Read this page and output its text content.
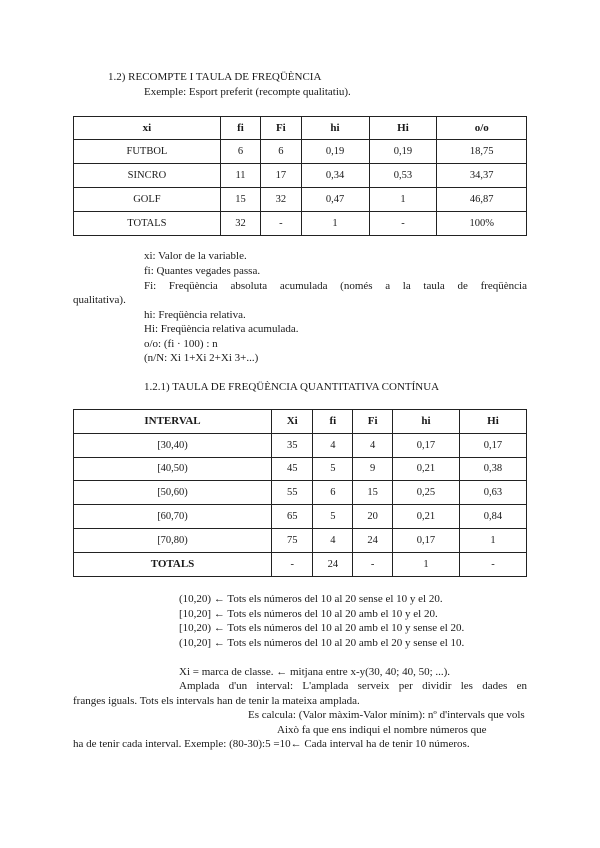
1.2) RECOMPTE I TAULA DE FREQÜÈNCIA
Exemple: Esport preferit (recompte qualitatiu).
xi	fi	Fi	hi	Hi	o/o
FUTBOL	6	6	0,19	0,19	18,75
SINCRO	11	17	0,34	0,53	34,37
GOLF	15	32	0,47	1	46,87
TOTALS	32	-	1	-	100%
xi: Valor de la variable.
fi: Quantes vegades passa.
Fi: Freqüència absoluta acumulada (només a la taula de freqüència
qualitativa).
hi: Freqüència relativa.
Hi: Freqüència relativa acumulada.
o/o: (fi · 100) : n
(n/N: Xi 1+Xi 2+Xi 3+...)
1.2.1) TAULA DE FREQÜÈNCIA QUANTITATIVA CONTÍNUA
INTERVAL	Xi	fi	Fi	hi	Hi
[30,40)	35	4	4	0,17	0,17
[40,50)	45	5	9	0,21	0,38
[50,60)	55	6	15	0,25	0,63
[60,70)	65	5	20	0,21	0,84
[70,80)	75	4	24	0,17	1
TOTALS	-	24	-	1	-
(10,20) ← Tots els números del 10 al 20 sense el 10 y el 20.
[10,20] ← Tots els números del 10 al 20 amb el 10 y el 20.
[10,20) ← Tots els números del 10 al 20 amb el 10 y sense el 20.
(10,20] ← Tots els números del 10 al 20 amb el 20 y sense el 10.
Xi = marca de classe. ← mitjana entre x-y(30, 40; 40, 50; ...).
Amplada d'un interval: L'amplada serveix per dividir les dades en
franges iguals. Tots els intervals han de tenir la mateixa amplada.
Es calcula: (Valor màxim-Valor mínim): nº d'intervals que vols
Això fa que ens indiqui el nombre números que
ha de tenir cada interval. Exemple: (80-30):5 =10← Cada interval ha de tenir 10 números.
